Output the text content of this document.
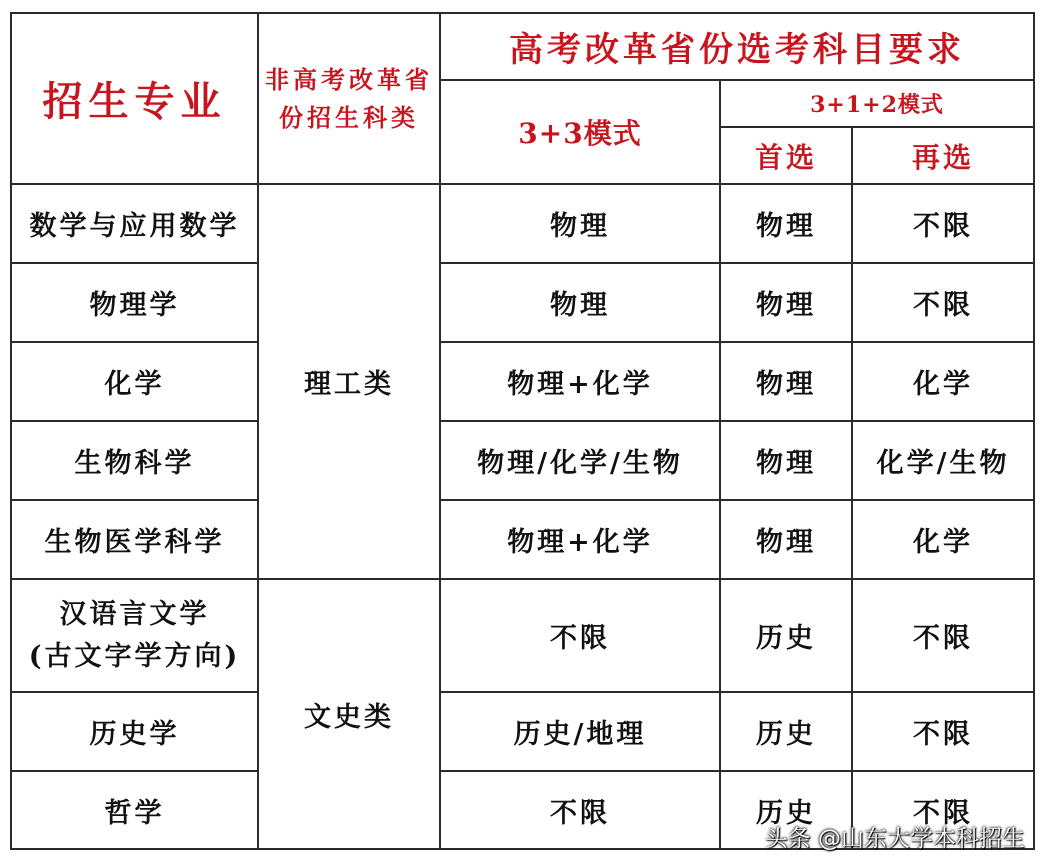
招生专业	非高考改革省
份招生科类	高考改革省份选考科目要求		
		3+3模式	3+1+2模式	
			首选	再选
数学与应用数学	理工类	物理	物理	不限
物理学		物理	物理	不限
化学		物理+化学	物理	化学
生物科学		物理/化学/生物	物理	化学/生物
生物医学科学		物理+化学	物理	化学

汉语言文学
(古文字学方向)	文史类	不限	历史	不限
历史学		历史/地理	历史	不限
哲学		不限	历史	不限
头条 @山东大学本科招生
